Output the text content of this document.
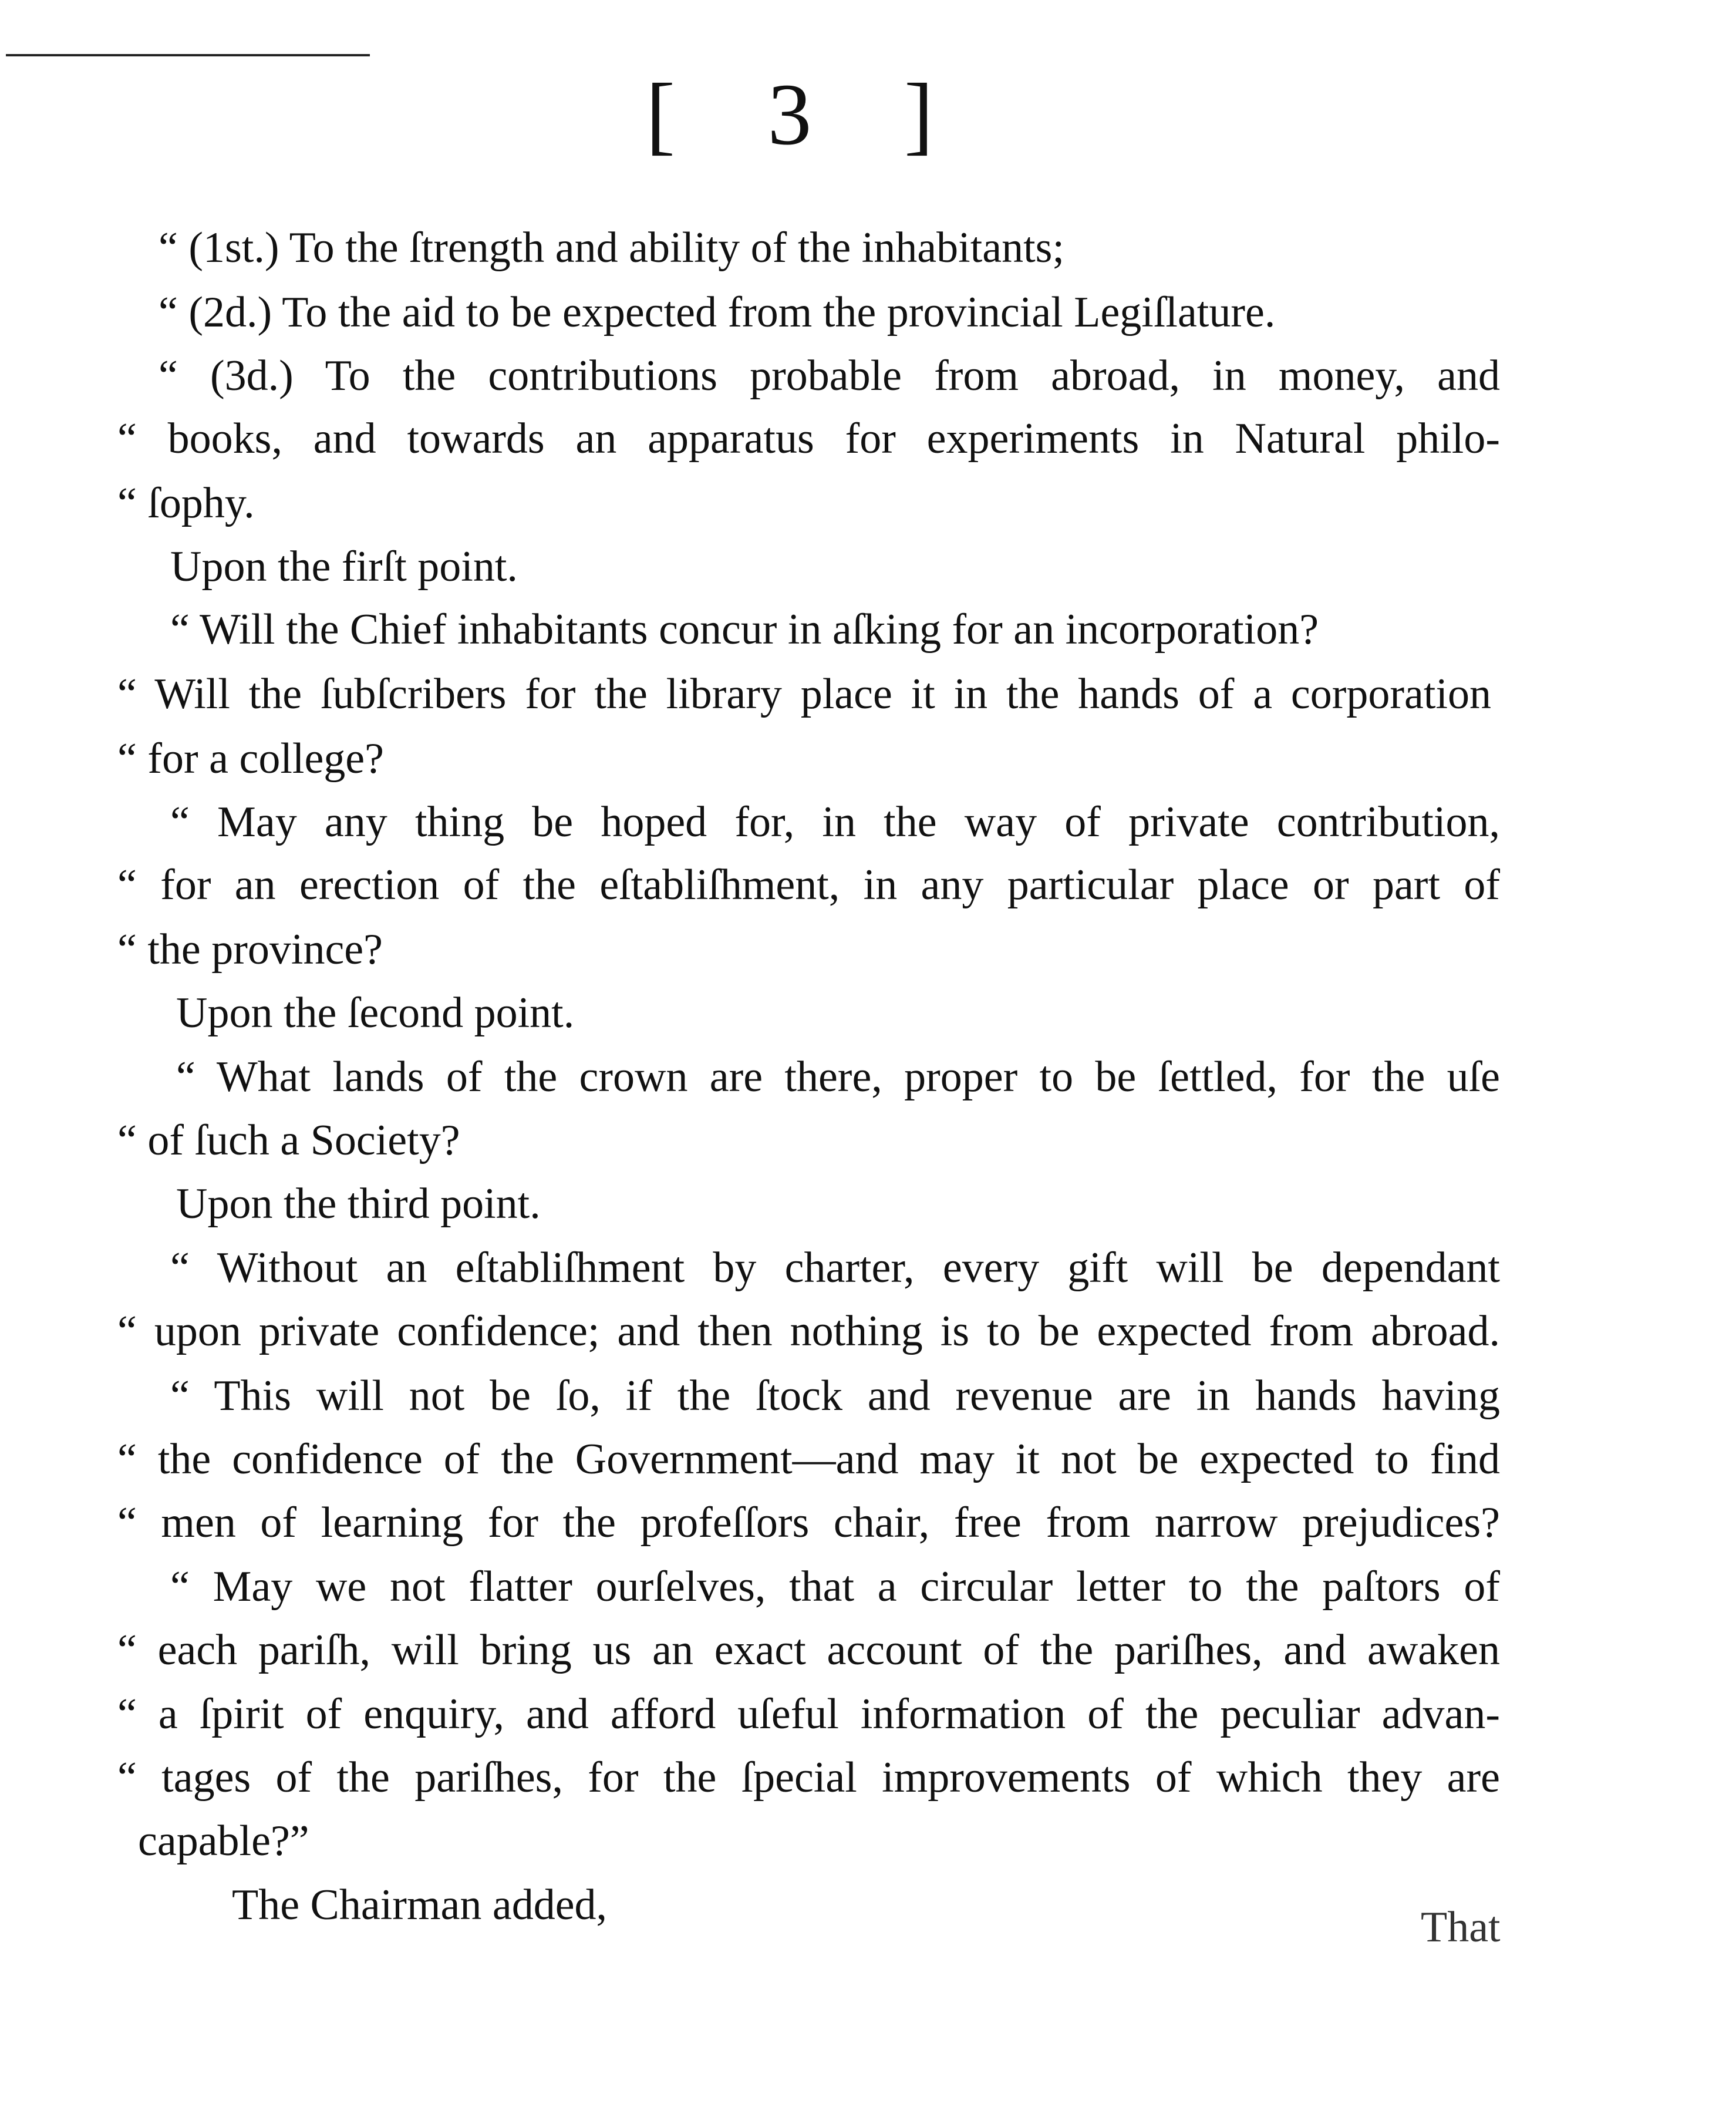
[ 3 ]
“ (1st.) To the ſtrength and ability of the inhabitants;
“ (2d.) To the aid to be expected from the provincial Legiſlature.
“ (3d.) To the contributions probable from abroad, in money, and
“ books, and towards an apparatus for experiments in Natural philo-
“ ſophy.
Upon the firſt point.
“ Will the Chief inhabitants concur in aſking for an incorporation?
“ Will the ſubſcribers for the library place it in the hands of a corporation
“ for a college?
“ May any thing be hoped for, in the way of private contribution,
“ for an erection of the eſtabliſhment, in any particular place or part of
“ the province?
Upon the ſecond point.
“ What lands of the crown are there, proper to be ſettled, for the uſe
“ of ſuch a Society?
Upon the third point.
“ Without an eſtabliſhment by charter, every gift will be dependant
“ upon private confidence; and then nothing is to be expected from abroad.
“ This will not be ſo, if the ſtock and revenue are in hands having
“ the confidence of the Government—and may it not be expected to find
“ men of learning for the profeſſors chair, free from narrow prejudices?
“ May we not flatter ourſelves, that a circular letter to the paſtors of
“ each pariſh, will bring us an exact account of the pariſhes, and awaken
“ a ſpirit of enquiry, and afford uſeful information of the peculiar advan-
“ tages of the pariſhes, for the ſpecial improvements of which they are
capable?”
The Chairman added,	That
